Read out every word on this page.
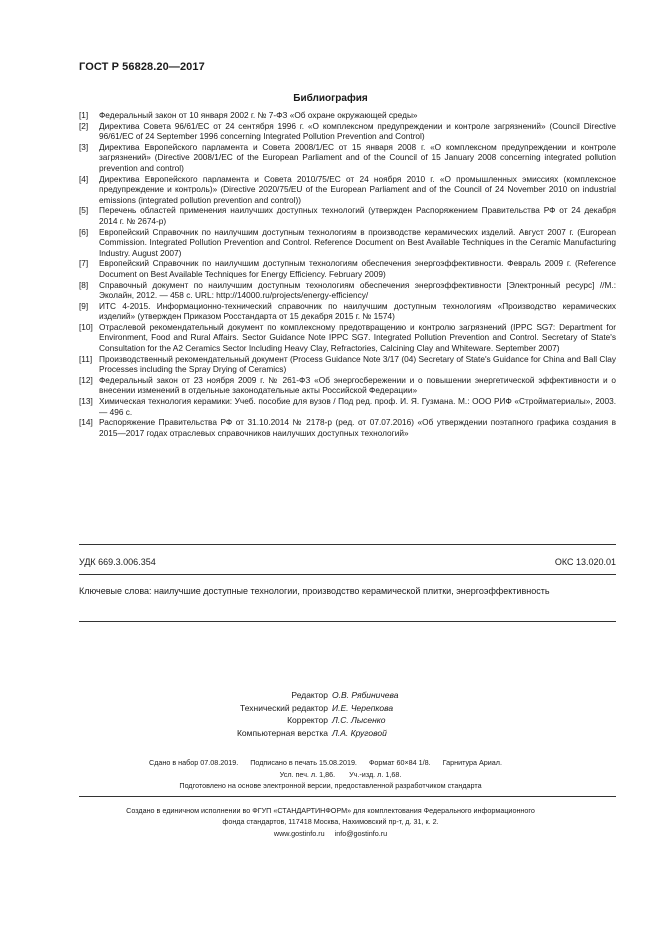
ГОСТ Р 56828.20—2017
Библиография
[1]	Федеральный закон от 10 января 2002 г. № 7-ФЗ «Об охране окружающей среды»
[2]	Директива Совета 96/61/ЕС от 24 сентября 1996 г. «О комплексном предупреждении и контроле загрязнений» (Council Directive 96/61/EC of 24 September 1996 concerning Integrated Pollution Prevention and Control)
[3]	Директива Европейского парламента и Совета 2008/1/ЕС от 15 января 2008 г. «О комплексном предупреждении и контроле загрязнений» (Directive 2008/1/EC of the European Parliament and of the Council of 15 January 2008 concerning integrated pollution prevention and control)
[4]	Директива Европейского парламента и Совета 2010/75/ЕС от 24 ноября 2010 г. «О промышленных эмиссиях (комплексное предупреждение и контроль)» (Directive 2020/75/EU of the European Parliament and of the Council of 24 November 2010 on industrial emissions (integrated pollution prevention and control))
[5]	Перечень областей применения наилучших доступных технологий (утвержден Распоряжением Правительства РФ от 24 декабря 2014 г. № 2674-р)
[6]	Европейский Справочник по наилучшим доступным технологиям в производстве керамических изделий. Август 2007 г. (European Commission. Integrated Pollution Prevention and Control. Reference Document on Best Available Techniques in the Ceramic Manufacturing Industry. August 2007)
[7]	Европейский Справочник по наилучшим доступным технологиям обеспечения энергоэффективности. Февраль 2009 г. (Reference Document on Best Available Techniques for Energy Efficiency. February 2009)
[8]	Справочный документ по наилучшим доступным технологиям обеспечения энергоэффективности [Электронный ресурс] //М.: Эколайн, 2012. — 458 с. URL: http://14000.ru/projects/energy-efficiency/
[9]	ИТС 4-2015. Информационно-технический справочник по наилучшим доступным технологиям «Производство керамических изделий» (утвержден Приказом Росстандарта от 15 декабря 2015 г. № 1574)
[10] Отраслевой рекомендательный документ по комплексному предотвращению и контролю загрязнений (IPPC SG7: Department for Environment, Food and Rural Affairs. Sector Guidance Note IPPC SG7. Integrated Pollution Prevention and Control. Secretary of State's Consultation for the A2 Ceramics Sector Including Heavy Clay, Refractories, Calcining Clay and Whiteware. September 2007)
[11] Производственный рекомендательный документ (Process Guidance Note 3/17 (04) Secretary of State's Guidance for China and Ball Clay Processes including the Spray Drying of Ceramics)
[12] Федеральный закон от 23 ноября 2009 г. № 261-ФЗ «Об энергосбережении и о повышении энергетической эффективности и о внесении изменений в отдельные законодательные акты Российской Федерации»
[13] Химическая технология керамики: Учеб. пособие для вузов / Под ред. проф. И. Я. Гузмана. М.: ООО РИФ «Стройматериалы», 2003. — 496 с.
[14] Распоряжение Правительства РФ от 31.10.2014 № 2178-р (ред. от 07.07.2016) «Об утверждении поэтапного графика создания в 2015—2017 годах отраслевых справочников наилучших доступных технологий»
УДК 669.3.006.354	ОКС 13.020.01
Ключевые слова: наилучшие доступные технологии, производство керамической плитки, энергоэффективность
Редактор О.В. Рябиничева
Технический редактор И.Е. Черепкова
Корректор Л.С. Лысенко
Компьютерная верстка Л.А. Круговой
Сдано в набор 07.08.2019. Подписано в печать 15.08.2019. Формат 60×84 1/8. Гарнитура Ариал.
Усл. печ. л. 1,86. Уч.-изд. л. 1,68.
Подготовлено на основе электронной версии, предоставленной разработчиком стандарта
Создано в единичном исполнении во ФГУП «СТАНДАРТИНФОРМ» для комплектования Федерального информационного
фонда стандартов, 117418 Москва, Нахимовский пр-т, д. 31, к. 2.
www.gostinfo.ru info@gostinfo.ru
